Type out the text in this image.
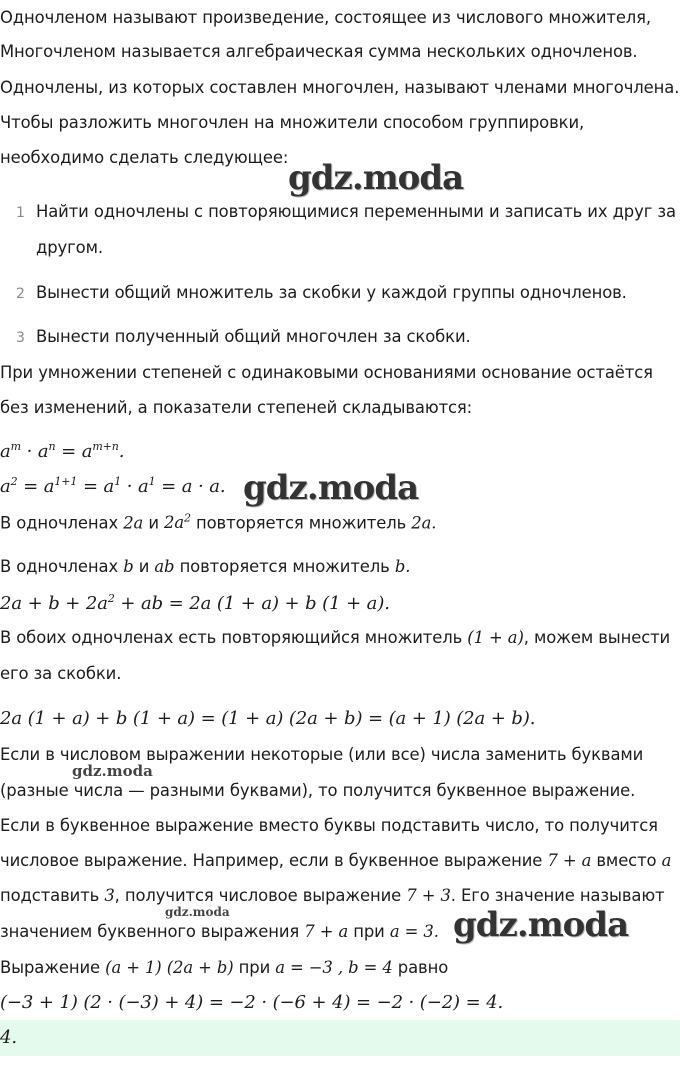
Одночленом называют произведение, состоящее из числового множителя,
Многочленом называется алгебраическая сумма нескольких одночленов.
Одночлены, из которых составлен многочлен, называют членами многочлена.
Чтобы разложить многочлен на множители способом группировки,
необходимо сделать следующее:
gdz.moda
1 Найти одночлены с повторяющимися переменными и записать их друг за
другом.
2 Вынести общий множитель за скобки у каждой группы одночленов.
3 Вынести полученный общий многочлен за скобки.
При умножении степеней с одинаковыми основаниями основание остаётся
без изменений, а показатели степеней складываются:
$a^m \cdot a^n = a^{m+n}$.
$a^2 = a^{1+1} = a^1 \cdot a^1 = a \cdot a$. gdz.moda
В одночленах 2a и $2a^2$ повторяется множитель 2a.
В одночленах b и ab повторяется множитель b.
$2a + b + 2a^2$ + ab = 2a (1 + a) + b (1 + a).
В обоих одночленах есть повторяющийся множитель (1 + a), можем вынести
его за скобки.
2a (1 + a) + b (1 + a) = (1 + a) (2a + b) = (a + 1) (2a + b).
Если в числовом выражении некоторые (или все) числа заменить буквами
gdz.moda
(разные числа — разными буквами), то получится буквенное выражение.
Если в буквенное выражение вместо буквы подставить число, то получится
числовое выражение. Например, если в буквенное выражение 7 + a вместо a
подставить 3, получится числовое выражение 7 + 3. Его значение называют
gdz.moda
значением буквенного выражения 7 + a при a = 3. gdz.moda
Выражение (a + 1) (2a + b) при a = −3 , b = 4 равно
(−3 + 1) (2 · (−3) + 4) = −2 · (−6 + 4) = −2 · (−2) = 4.
4.
